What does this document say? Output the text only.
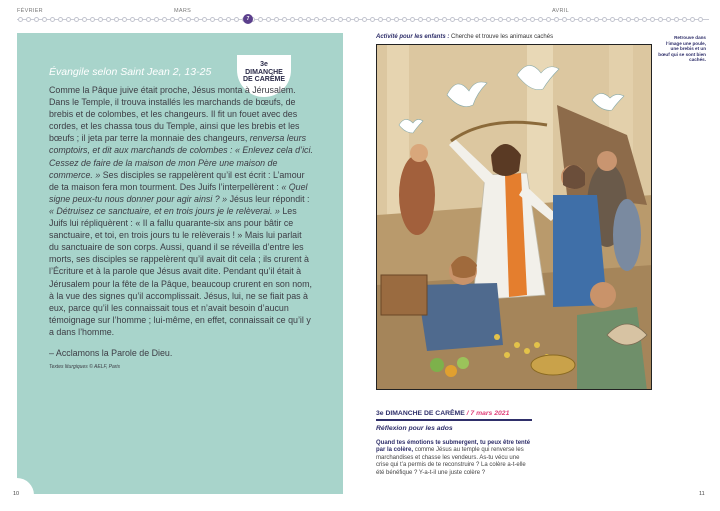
FÉVRIER	MARS	AVRIL
7
3e
DIMANCHE
DE CARÊME
Évangile selon Saint Jean 2, 13-25

Comme la Pâque juive était proche, Jésus monta à Jérusalem. Dans le Temple, il trouva installés les marchands de bœufs, de brebis et de colombes, et les changeurs. Il fit un fouet avec des cordes, et les chassa tous du Temple, ainsi que les brebis et les bœufs ; il jeta par terre la monnaie des changeurs, renversa leurs comptoirs, et dit aux marchands de colombes : « Enlevez cela d’ici. Cessez de faire de la maison de mon Père une maison de commerce. » Ses disciples se rappelèrent qu’il est écrit : L’amour de ta maison fera mon tourment. Des Juifs l’interpellèrent : « Quel signe peux-tu nous donner pour agir ainsi ? » Jésus leur répondit : « Détruisez ce sanctuaire, et en trois jours je le relèverai. » Les Juifs lui répliquèrent : « Il a fallu quarante-six ans pour bâtir ce sanctuaire, et toi, en trois jours tu le relèverais ! » Mais lui parlait du sanctuaire de son corps. Aussi, quand il se réveilla d’entre les morts, ses disciples se rappelèrent qu’il avait dit cela ; ils crurent à l’Écriture et à la parole que Jésus avait dite. Pendant qu’il était à Jérusalem pour la fête de la Pâque, beaucoup crurent en son nom, à la vue des signes qu’il accomplissait. Jésus, lui, ne se fiait pas à eux, parce qu’il les connaissait tous et n’avait besoin d’aucun témoignage sur l’homme ; lui-même, en effet, connaissait ce qu’il y a dans l’homme.

– Acclamons la Parole de Dieu.

Textes liturgiques © AELF, Paris

10
Activité pour les enfants : Cherche et trouve les animaux cachés	Retrouve dans l’image une poule, une brebis et un bœuf qui se sont bien cachés.
3e DIMANCHE DE CARÊME / 7 mars 2021
Réflexion pour les ados

Quand tes émotions te submergent, tu peux être tenté par la colère, comme Jésus au temple qui renverse les marchandises et chasse les vendeurs. As-tu vécu une crise qui t’a permis de te reconstruire ? La colère a-t-elle été bénéfique ? Y-a-t-il une juste colère ?

11
